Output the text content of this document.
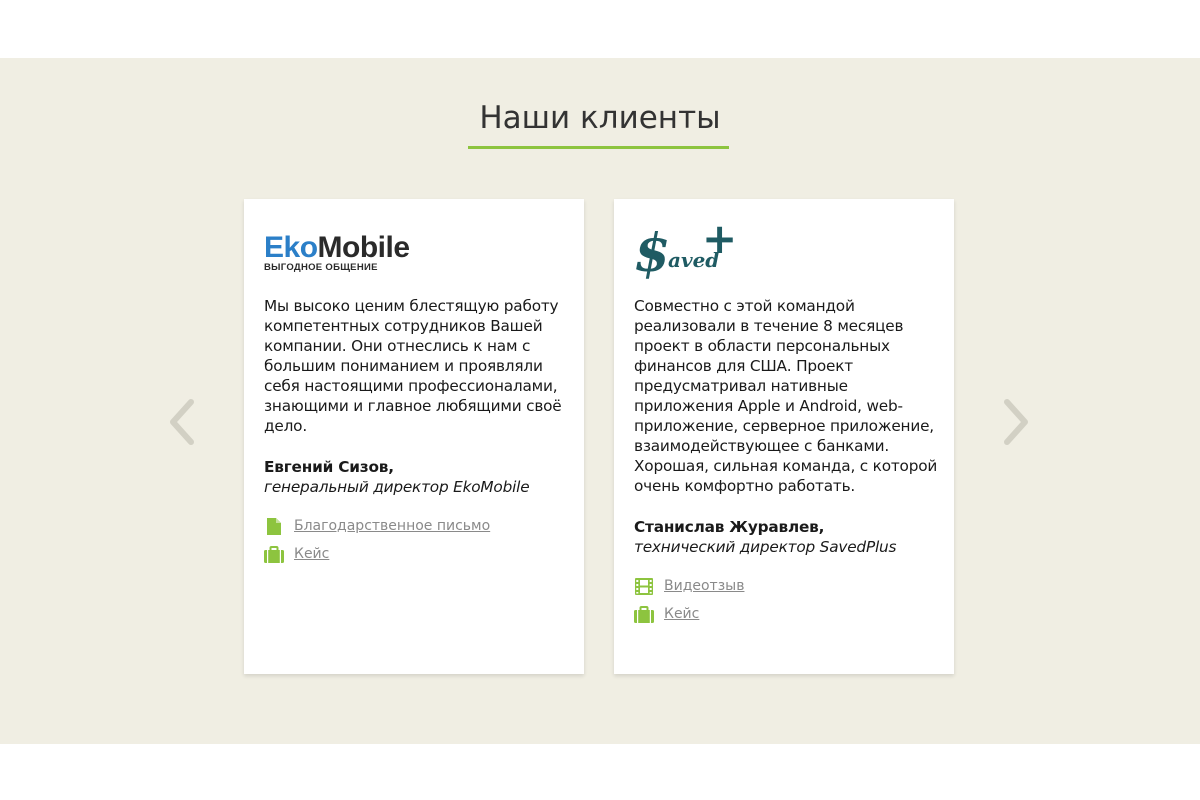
Наши клиенты
EkoMobile
ВЫГОДНОЕ ОБЩЕНИЕ

Мы высоко ценим блестящую работу компетентных сотрудников Вашей компании. Они отнеслись к нам с большим пониманием и проявляли себя настоящими профессионалами, знающими и главное любящими своё дело.

Евгений Сизов,
генеральный директор EkoMobile
Благодарственное письмо
Кейс
$
aved
+

Совместно с этой командой реализовали в течение 8 месяцев проект в области персональных финансов для США. Проект предусматривал нативные приложения Apple и Android, web-приложение, серверное приложение, взаимодействующее с банками. Хорошая, сильная команда, с которой очень комфортно работать.

Станислав Журавлев,
технический директор SavedPlus
Видеотзыв
Кейс
